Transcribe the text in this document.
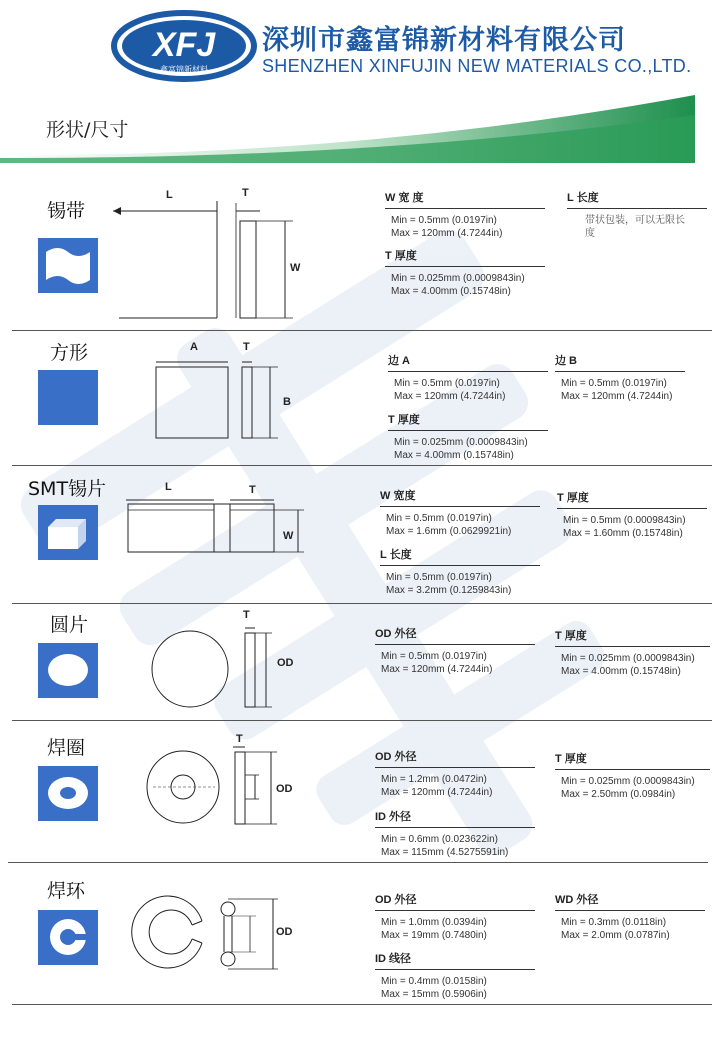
XFJ
鑫富锦新材料
深圳市鑫富锦新材料有限公司
SHENZHEN XINFUJIN NEW MATERIALS CO.,LTD.
形状/尺寸
锡带
L	T
W
W 宽 度
Min = 0.5mm (0.0197in)
Max = 120mm (4.7244in)
T 厚度
Min = 0.025mm (0.0009843in)
Max = 4.00mm (0.15748in)
L 长度
带状包装，可以无限长度
方形	A	T
B
边 A
Min = 0.5mm (0.0197in)
Max = 120mm (4.7244in)
边 B
Min = 0.5mm (0.0197in)
Max = 120mm (4.7244in)
T 厚度
Min = 0.025mm (0.0009843in)
Max = 4.00mm (0.15748in)
SMT锡片	L	T
W
W 宽度
Min = 0.5mm (0.0197in)
Max = 1.6mm (0.0629921in)
T 厚度
Min = 0.5mm (0.0009843in)
Max = 1.60mm (0.15748in)
L 长度
Min = 0.5mm (0.0197in)
Max = 3.2mm (0.1259843in)
圆片	T
OD
OD 外径
Min = 0.5mm (0.0197in)
Max = 120mm (4.7244in)
T 厚度
Min = 0.025mm (0.0009843in)
Max = 4.00mm (0.15748in)
焊圈	T
OD
OD 外径
Min = 1.2mm (0.0472in)
Max = 120mm (4.7244in)
T 厚度
Min = 0.025mm (0.0009843in)
Max = 2.50mm (0.0984in)
ID 外径
Min = 0.6mm (0.023622in)
Max = 115mm (4.5275591in)
焊环
OD
OD 外径
Min = 1.0mm (0.0394in)
Max = 19mm (0.7480in)
WD 外径
Min = 0.3mm (0.0118in)
Max = 2.0mm (0.0787in)
ID 线径
Min = 0.4mm (0.0158in)
Max = 15mm (0.5906in)
